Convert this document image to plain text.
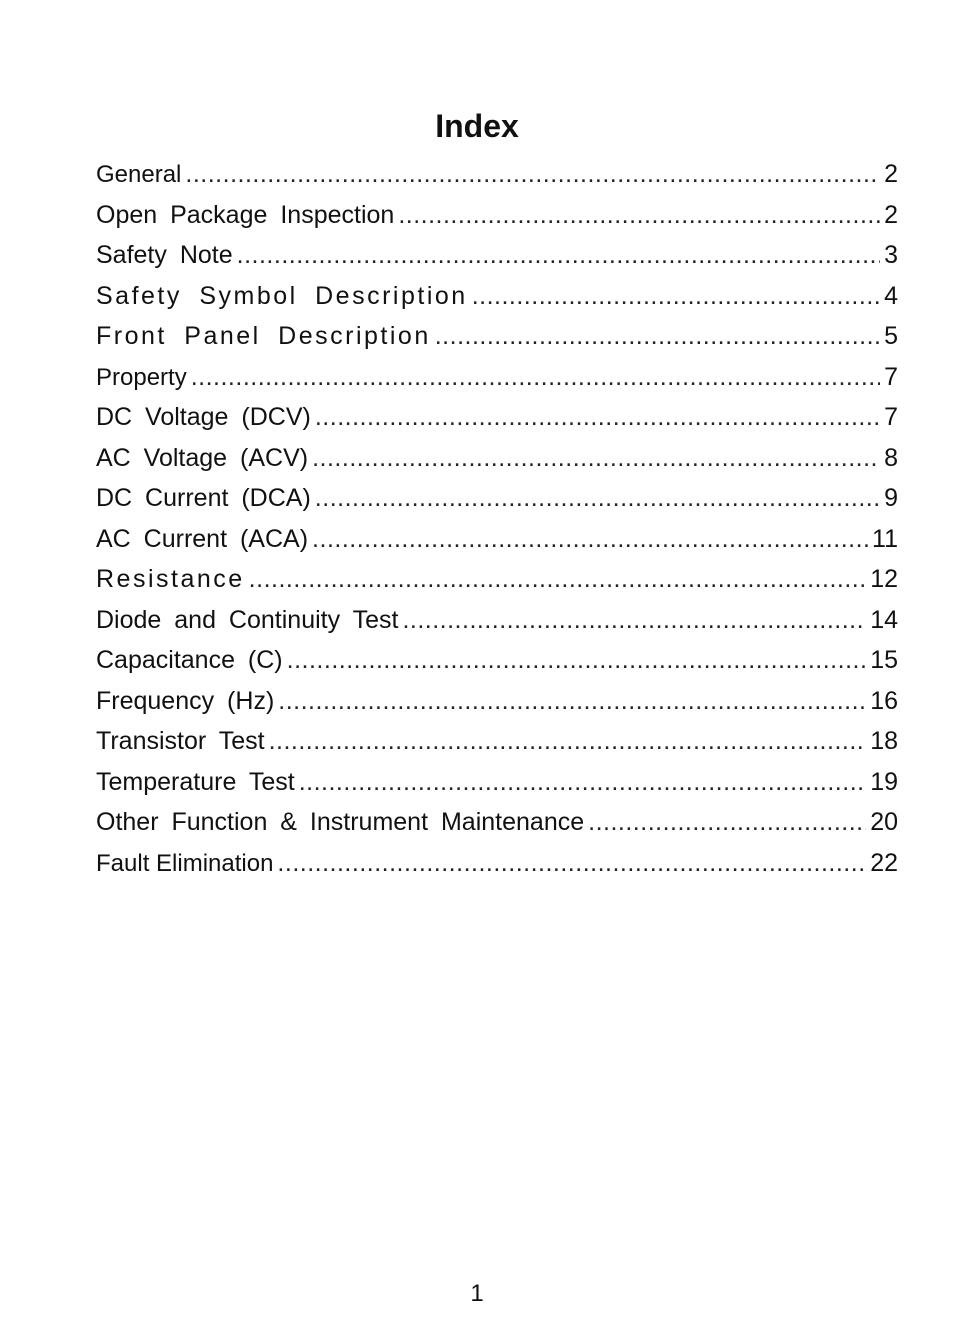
Index
General .....	2
Open Package Inspection .....	2
Safety Note .....	3
Safety Symbol Description .....	4
Front Panel Description .....	5
Property .....	7
DC Voltage (DCV) .....	7
AC Voltage (ACV) .....	8
DC Current (DCA) .....	9
AC Current (ACA) .....	11
Resistance .....	12
Diode and Continuity Test .....	14
Capacitance (C) .....	15
Frequency (Hz) .....	16
Transistor Test .....	18
Temperature Test .....	19
Other Function & Instrument Maintenance .....	20
Fault Elimination .....	22
1
